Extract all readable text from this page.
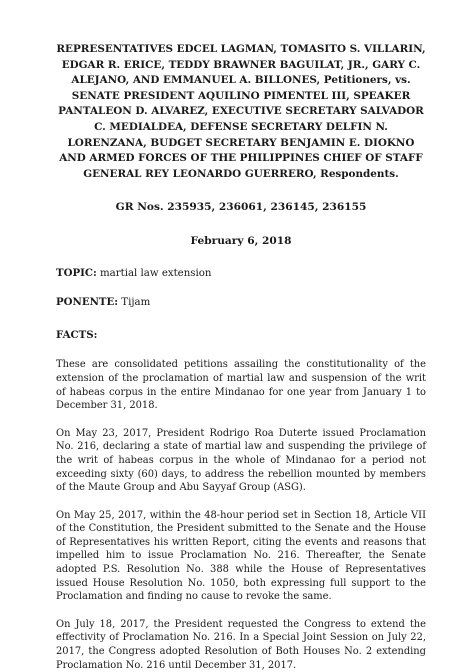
REPRESENTATIVES EDCEL LAGMAN, TOMASITO S. VILLARIN, EDGAR R. ERICE, TEDDY BRAWNER BAGUILAT, JR., GARY C. ALEJANO, AND EMMANUEL A. BILLONES, Petitioners, vs. SENATE PRESIDENT AQUILINO PIMENTEL III, SPEAKER PANTALEON D. ALVAREZ, EXECUTIVE SECRETARY SALVADOR C. MEDIALDEA, DEFENSE SECRETARY DELFIN N. LORENZANA, BUDGET SECRETARY BENJAMIN E. DIOKNO AND ARMED FORCES OF THE PHILIPPINES CHIEF OF STAFF GENERAL REY LEONARDO GUERRERO, Respondents.

GR Nos. 235935, 236061, 236145, 236155

February 6, 2018

TOPIC: martial law extension

PONENTE: Tijam

FACTS:

These are consolidated petitions assailing the constitutionality of the extension of the proclamation of martial law and suspension of the writ of habeas corpus in the entire Mindanao for one year from January 1 to December 31, 2018.

On May 23, 2017, President Rodrigo Roa Duterte issued Proclamation No. 216, declaring a state of martial law and suspending the privilege of the writ of habeas corpus in the whole of Mindanao for a period not exceeding sixty (60) days, to address the rebellion mounted by members of the Maute Group and Abu Sayyaf Group (ASG).

On May 25, 2017, within the 48-hour period set in Section 18, Article VII of the Constitution, the President submitted to the Senate and the House of Representatives his written Report, citing the events and reasons that impelled him to issue Proclamation No. 216. Thereafter, the Senate adopted P.S. Resolution No. 388 while the House of Representatives issued House Resolution No. 1050, both expressing full support to the Proclamation and finding no cause to revoke the same.

On July 18, 2017, the President requested the Congress to extend the effectivity of Proclamation No. 216. In a Special Joint Session on July 22, 2017, the Congress adopted Resolution of Both Houses No. 2 extending Proclamation No. 216 until December 31, 2017.
